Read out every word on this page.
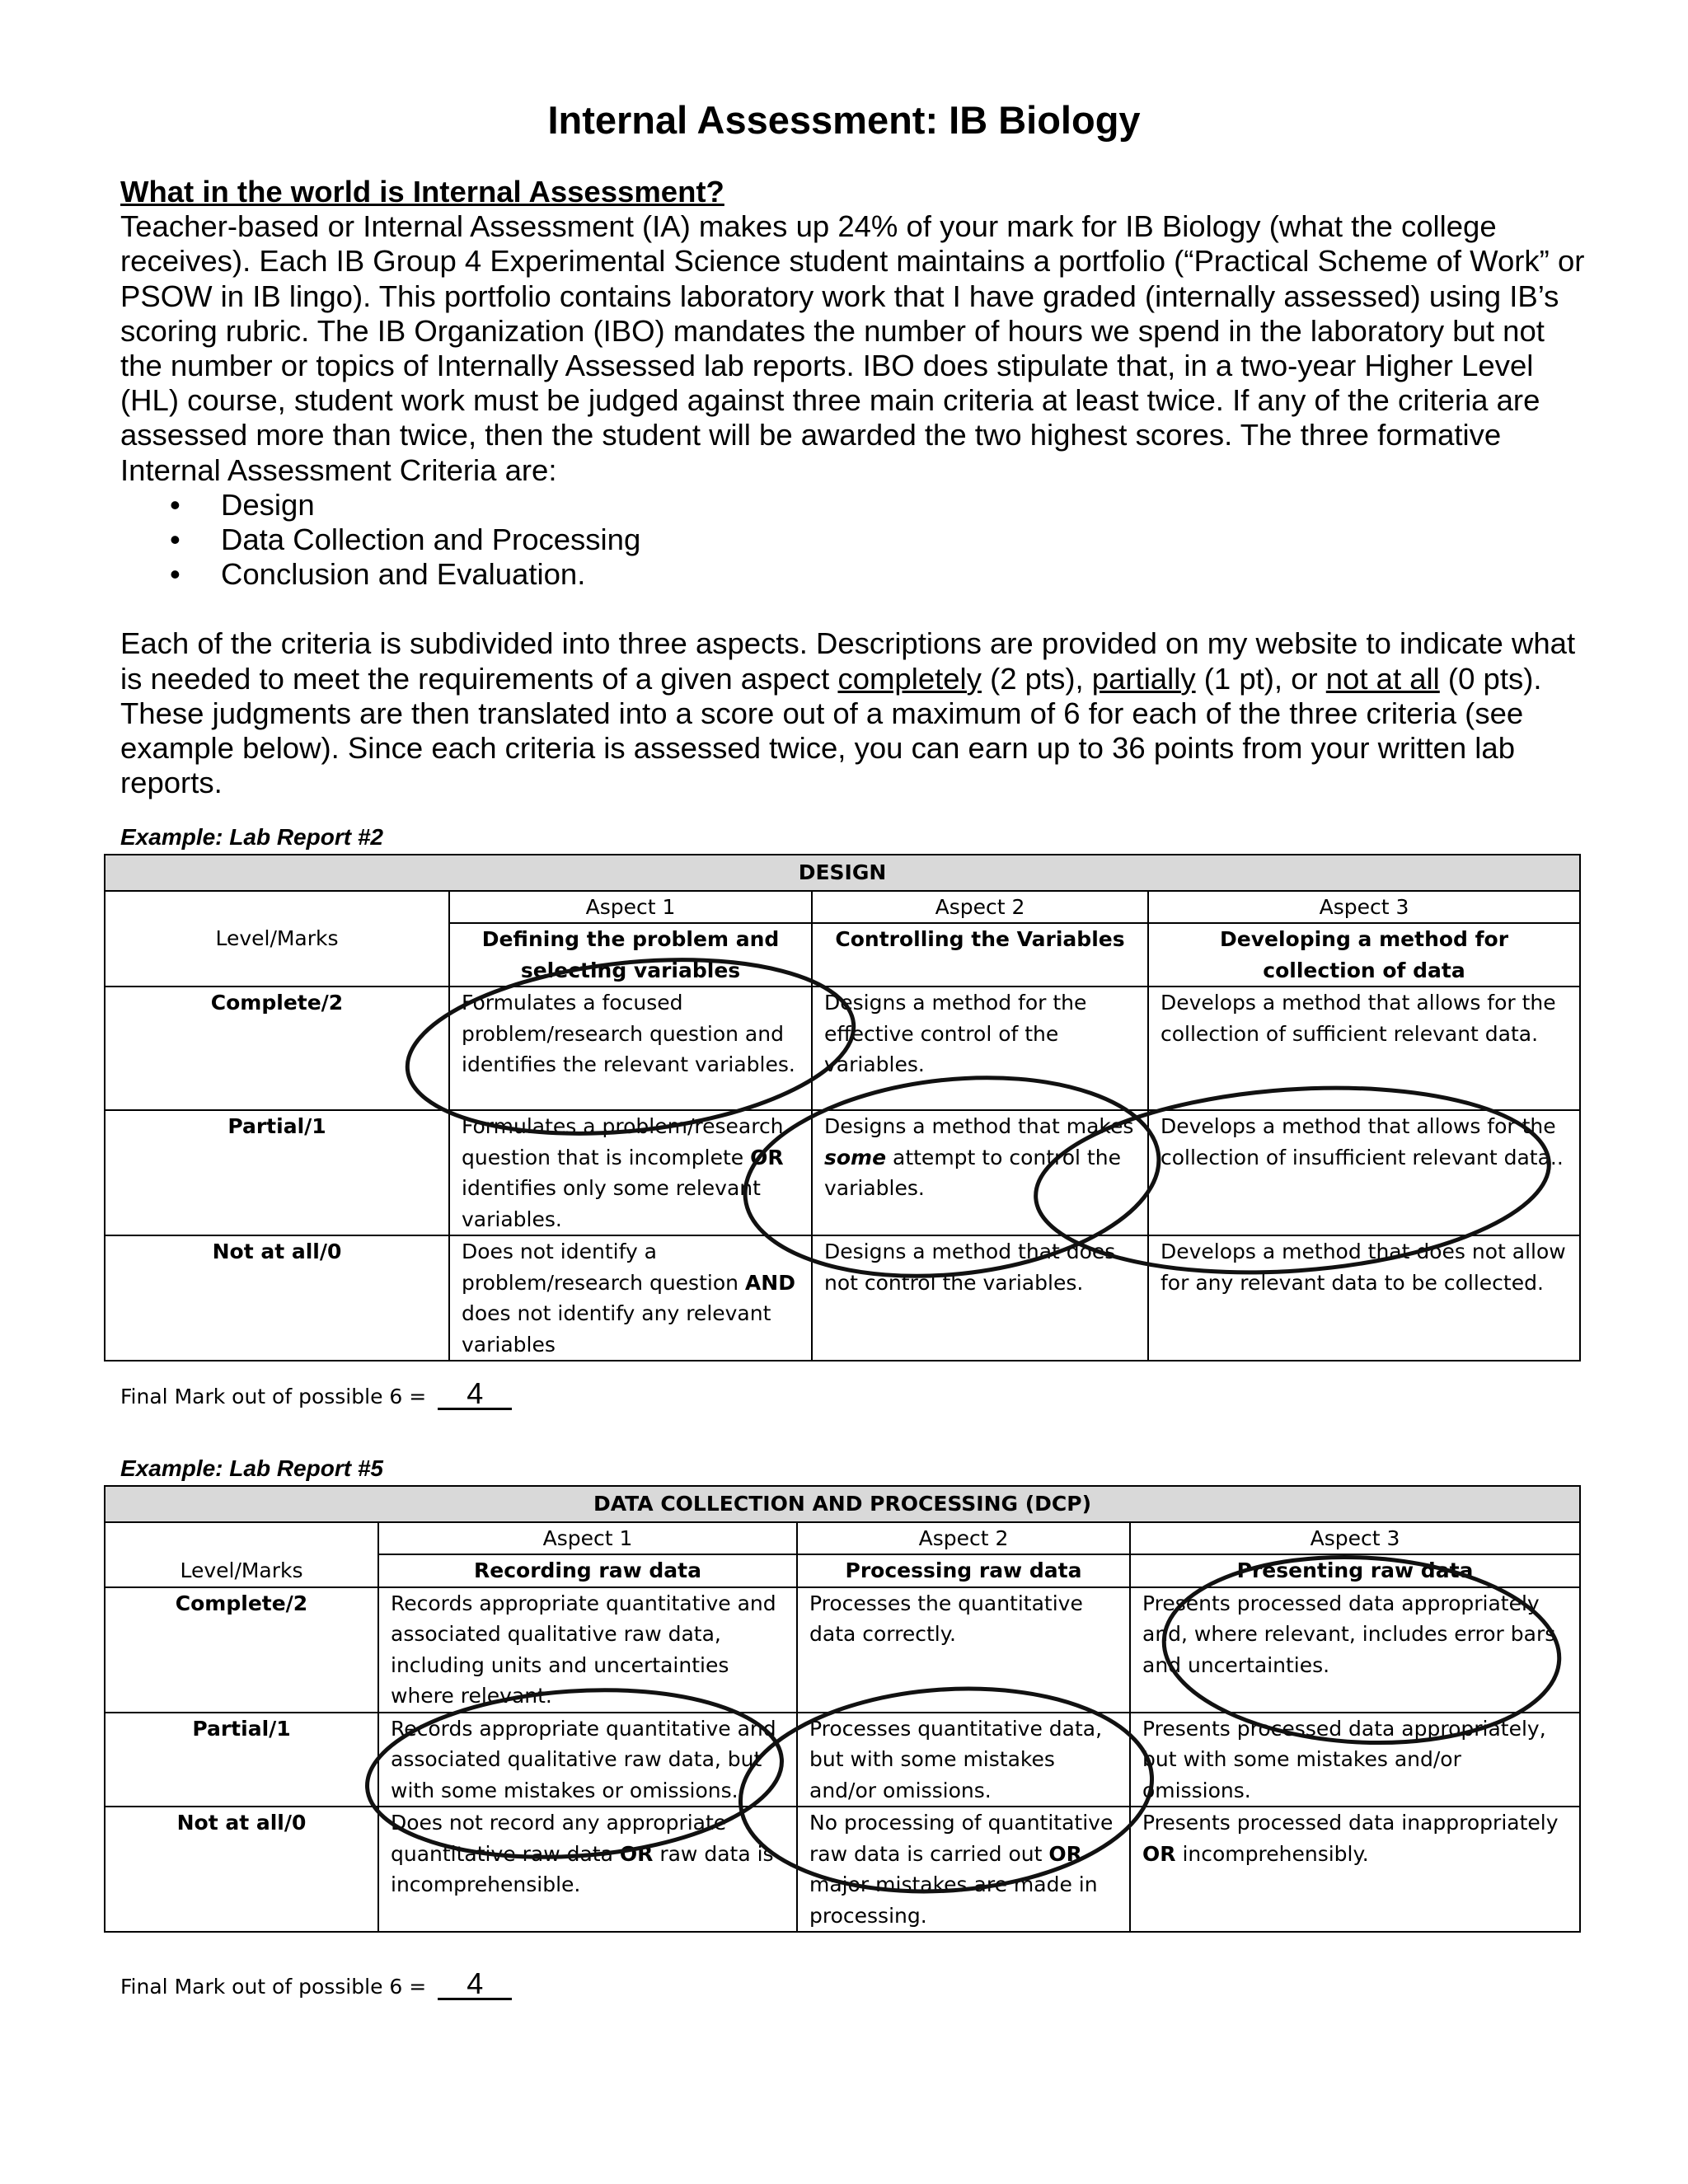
Internal Assessment: IB Biology
What in the world is Internal Assessment?
Teacher-based or Internal Assessment (IA) makes up 24% of your mark for IB Biology (what the college receives). Each IB Group 4 Experimental Science student maintains a portfolio (“Practical Scheme of Work” or PSOW in IB lingo). This portfolio contains laboratory work that I have graded (internally assessed) using IB’s scoring rubric. The IB Organization (IBO) mandates the number of hours we spend in the laboratory but not the number or topics of Internally Assessed lab reports. IBO does stipulate that, in a two-year Higher Level (HL) course, student work must be judged against three main criteria at least twice. If any of the criteria are assessed more than twice, then the student will be awarded the two highest scores. The three formative Internal Assessment Criteria are:
• Design
• Data Collection and Processing
• Conclusion and Evaluation.
Each of the criteria is subdivided into three aspects. Descriptions are provided on my website to indicate what is needed to meet the requirements of a given aspect completely (2 pts), partially (1 pt), or not at all (0 pts). These judgments are then translated into a score out of a maximum of 6 for each of the three criteria (see example below). Since each criteria is assessed twice, you can earn up to 36 points from your written lab reports.
Example: Lab Report #2
DESIGN			
Level/Marks	Aspect 1	Aspect 2	Aspect 3
	Defining the problem and selecting variables	Controlling the Variables	Developing a method for collection of data
Complete/2	Formulates a focused problem/research question and identifies the relevant variables.	Designs a method for the effective control of the variables.	Develops a method that allows for the collection of sufficient relevant data.
Partial/1	Formulates a problem/research question that is incomplete OR identifies only some relevant variables.	Designs a method that makes some attempt to control the variables.	Develops a method that allows for the collection of insufficient relevant data..
Not at all/0	Does not identify a problem/research question AND does not identify any relevant variables	Designs a method that does not control the variables.	Develops a method that does not allow for any relevant data to be collected.
Final Mark out of possible 6 = 4
Example: Lab Report #5
DATA COLLECTION AND PROCESSING (DCP)			
Level/Marks	Aspect 1	Aspect 2	Aspect 3
	Recording raw data	Processing raw data	Presenting raw data
Complete/2	Records appropriate quantitative and associated qualitative raw data, including units and uncertainties where relevant.	Processes the quantitative data correctly.	Presents processed data appropriately and, where relevant, includes error bars and uncertainties.
Partial/1	Records appropriate quantitative and associated qualitative raw data, but with some mistakes or omissions.	Processes quantitative data, but with some mistakes and/or omissions.	Presents processed data appropriately, but with some mistakes and/or omissions.
Not at all/0	Does not record any appropriate quantitative raw data OR raw data is incomprehensible.	No processing of quantitative raw data is carried out OR major mistakes are made in processing.	Presents processed data inappropriately OR incomprehensibly.
Final Mark out of possible 6 = 4
